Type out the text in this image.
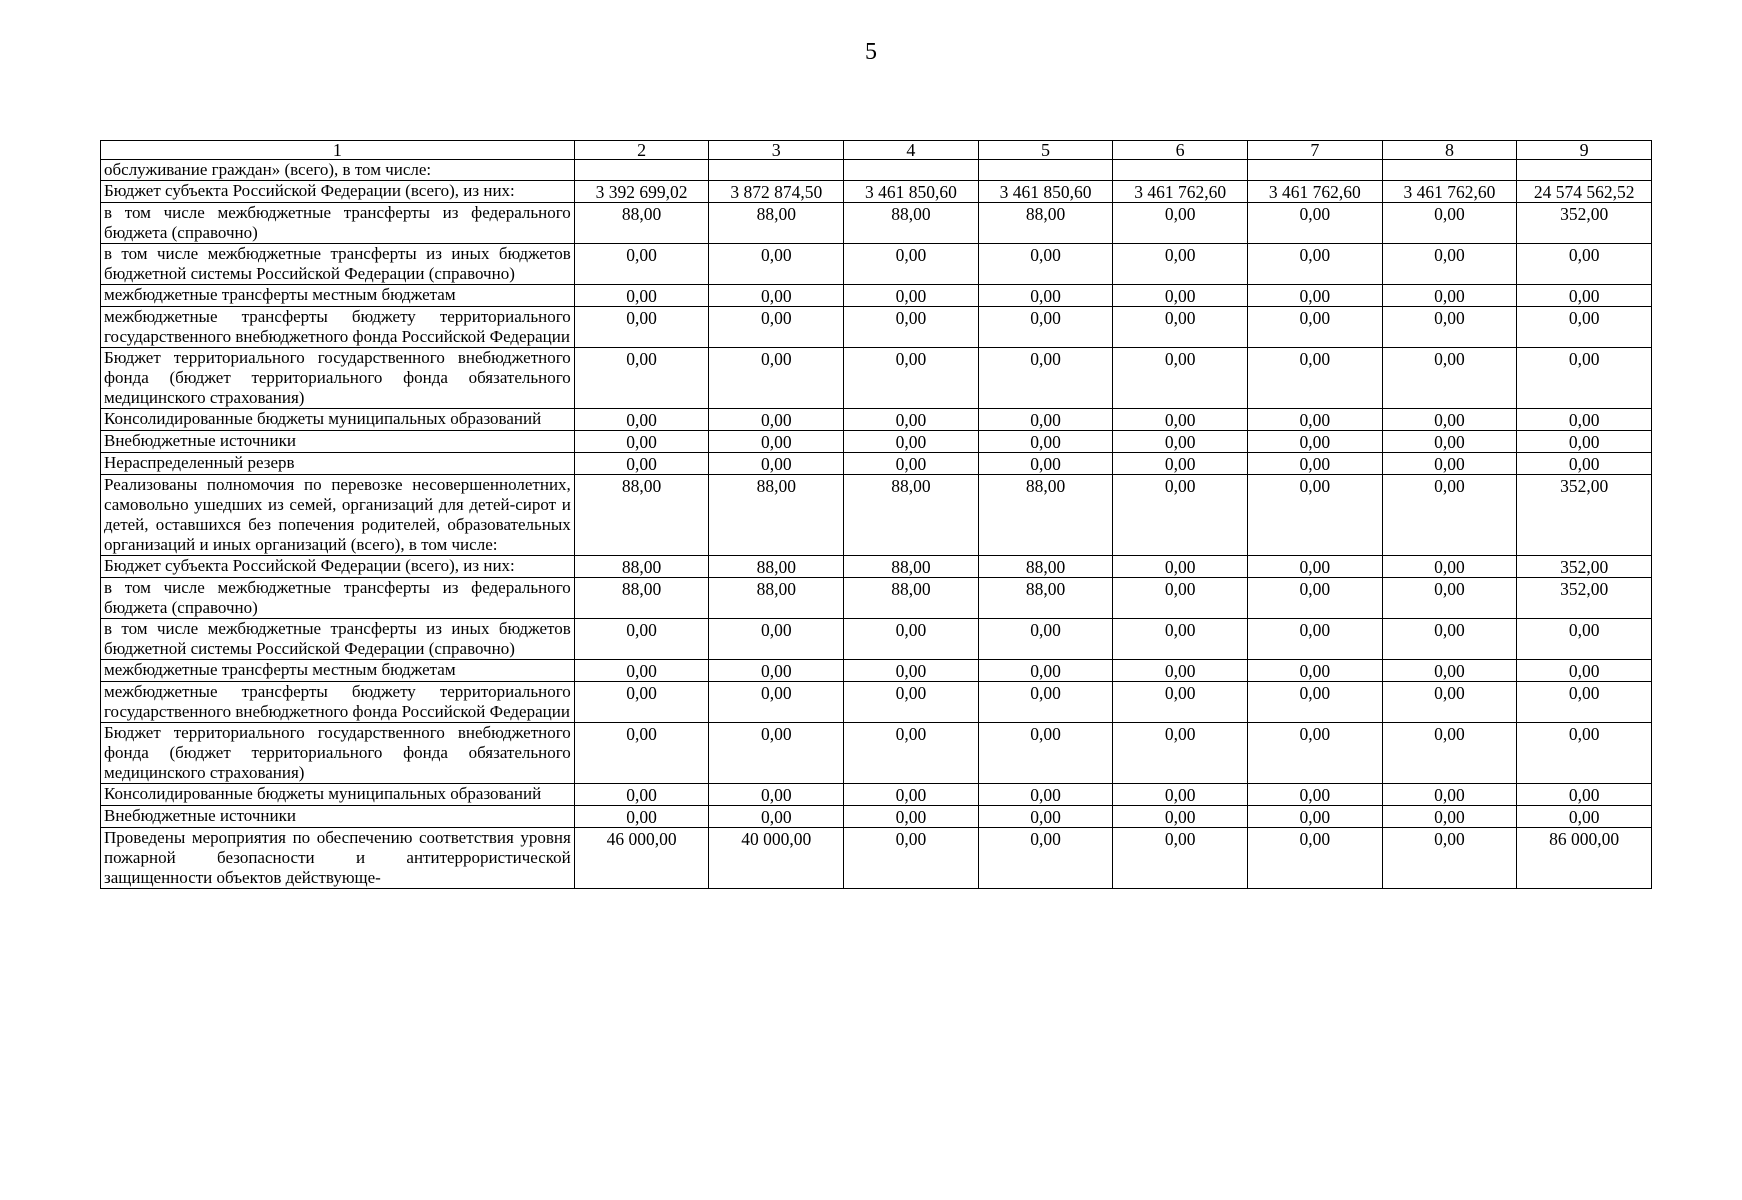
5
1	2	3	4	5	6	7	8	9
обслуживание граждан» (всего), в том числе:								
Бюджет субъекта Российской Федерации (всего), из них:	3 392 699,02	3 872 874,50	3 461 850,60	3 461 850,60	3 461 762,60	3 461 762,60	3 461 762,60	24 574 562,52
в том числе межбюджетные трансферты из федерального бюджета (справочно)	88,00	88,00	88,00	88,00	0,00	0,00	0,00	352,00
в том числе межбюджетные трансферты из иных бюджетов бюджетной системы Российской Федерации (справочно)	0,00	0,00	0,00	0,00	0,00	0,00	0,00	0,00
межбюджетные трансферты местным бюджетам	0,00	0,00	0,00	0,00	0,00	0,00	0,00	0,00
межбюджетные трансферты бюджету территориального государственного внебюджетного фонда Российской Федерации	0,00	0,00	0,00	0,00	0,00	0,00	0,00	0,00
Бюджет территориального государственного внебюджетного фонда (бюджет территориального фонда обязательного медицинского страхования)	0,00	0,00	0,00	0,00	0,00	0,00	0,00	0,00
Консолидированные бюджеты муниципальных образований	0,00	0,00	0,00	0,00	0,00	0,00	0,00	0,00
Внебюджетные источники	0,00	0,00	0,00	0,00	0,00	0,00	0,00	0,00
Нераспределенный резерв	0,00	0,00	0,00	0,00	0,00	0,00	0,00	0,00
Реализованы полномочия по перевозке несовершеннолетних, самовольно ушедших из семей, организаций для детей-сирот и детей, оставшихся без попечения родителей, образовательных организаций и иных организаций (всего), в том числе:	88,00	88,00	88,00	88,00	0,00	0,00	0,00	352,00
Бюджет субъекта Российской Федерации (всего), из них:	88,00	88,00	88,00	88,00	0,00	0,00	0,00	352,00
в том числе межбюджетные трансферты из федерального бюджета (справочно)	88,00	88,00	88,00	88,00	0,00	0,00	0,00	352,00
в том числе межбюджетные трансферты из иных бюджетов бюджетной системы Российской Федерации (справочно)	0,00	0,00	0,00	0,00	0,00	0,00	0,00	0,00
межбюджетные трансферты местным бюджетам	0,00	0,00	0,00	0,00	0,00	0,00	0,00	0,00
межбюджетные трансферты бюджету территориального государственного внебюджетного фонда Российской Федерации	0,00	0,00	0,00	0,00	0,00	0,00	0,00	0,00
Бюджет территориального государственного внебюджетного фонда (бюджет территориального фонда обязательного медицинского страхования)	0,00	0,00	0,00	0,00	0,00	0,00	0,00	0,00
Консолидированные бюджеты муниципальных образований	0,00	0,00	0,00	0,00	0,00	0,00	0,00	0,00
Внебюджетные источники	0,00	0,00	0,00	0,00	0,00	0,00	0,00	0,00
Проведены мероприятия по обеспечению соответствия уровня пожарной безопасности и антитеррористической защищенности объектов действующе-	46 000,00	40 000,00	0,00	0,00	0,00	0,00	0,00	86 000,00
